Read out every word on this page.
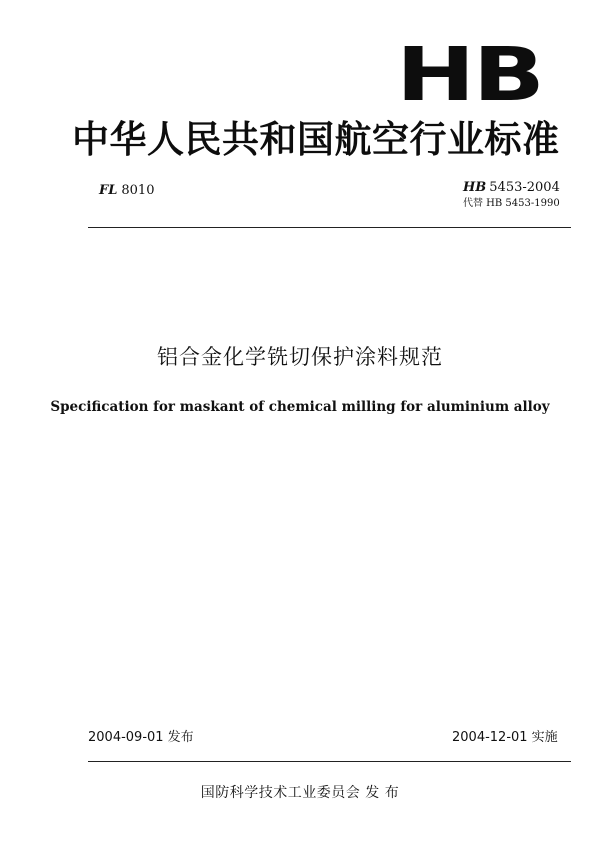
HB
中华人民共和国航空行业标准
FL 8010	HB 5453-2004
代替 HB 5453-1990
铝合金化学铣切保护涂料规范
Specification for maskant of chemical milling for aluminium alloy
2004-09-01 发布	2004-12-01 实施
国防科学技术工业委员会 发 布
